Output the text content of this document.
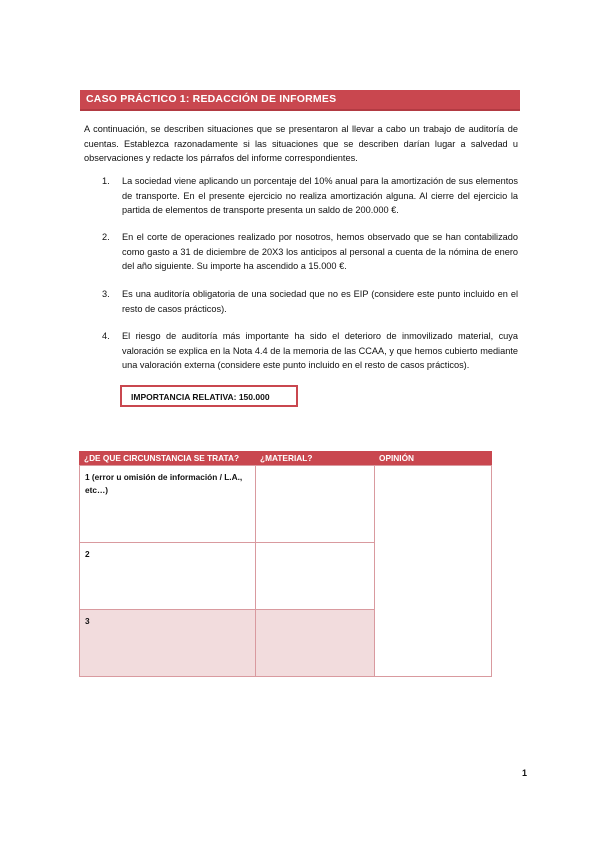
CASO PRÁCTICO 1: REDACCIÓN DE INFORMES
A continuación, se describen situaciones que se presentaron al llevar a cabo un trabajo de auditoría de cuentas. Establezca razonadamente si las situaciones que se describen darían lugar a salvedad u observaciones y redacte los párrafos del informe correspondientes.
1. La sociedad viene aplicando un porcentaje del 10% anual para la amortización de sus elementos de transporte. En el presente ejercicio no realiza amortización alguna. Al cierre del ejercicio la partida de elementos de transporte presenta un saldo de 200.000 €.
2. En el corte de operaciones realizado por nosotros, hemos observado que se han contabilizado como gasto a 31 de diciembre de 20X3 los anticipos al personal a cuenta de la nómina de enero del año siguiente. Su importe ha ascendido a 15.000 €.
3. Es una auditoría obligatoria de una sociedad que no es EIP (considere este punto incluido en el resto de casos prácticos).
4. El riesgo de auditoría más importante ha sido el deterioro de inmovilizado material, cuya valoración se explica en la Nota 4.4 de la memoria de las CCAA, y que hemos cubierto mediante una valoración externa (considere este punto incluido en el resto de casos prácticos).
IMPORTANCIA RELATIVA: 150.000
¿DE QUE CIRCUNSTANCIA SE TRATA?	¿MATERIAL?	OPINIÓN
1 (error u omisión de información / L.A., etc…)
2
3
1
